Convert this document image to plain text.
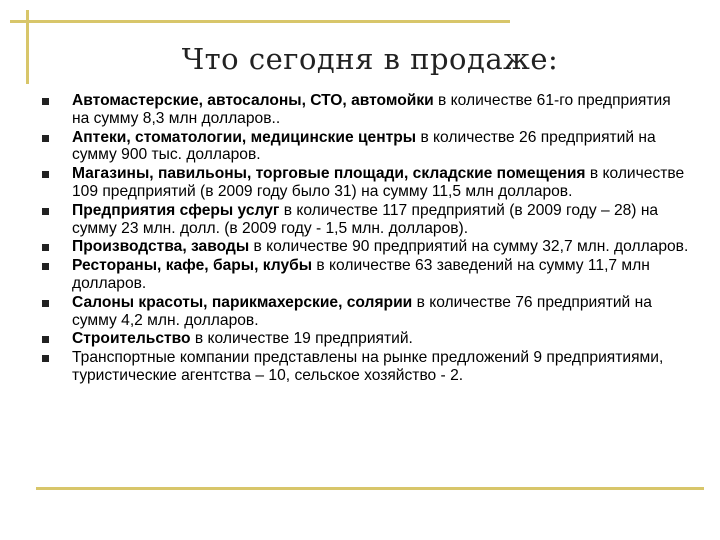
Что сегодня в продаже:
Автомастерские, автосалоны, СТО, автомойки в количестве 61-го предприятия на сумму 8,3 млн долларов..
Аптеки, стоматологии, медицинские центры в количестве 26 предприятий на сумму 900 тыс. долларов.
Магазины, павильоны, торговые площади, складские помещения в количестве 109 предприятий (в 2009 году было 31) на сумму 11,5 млн долларов.
Предприятия сферы услуг в количестве 117 предприятий (в 2009 году – 28) на сумму 23 млн. долл. (в 2009 году - 1,5 млн. долларов).
Производства, заводы в количестве 90 предприятий на сумму 32,7 млн. долларов.
Рестораны, кафе, бары, клубы в количестве 63 заведений на сумму 11,7 млн долларов.
Салоны красоты, парикмахерские, солярии в количестве 76 предприятий на сумму 4,2 млн. долларов.
Строительство в количестве 19 предприятий.
Транспортные компании представлены на рынке предложений 9 предприятиями, туристические агентства – 10, сельское хозяйство - 2.
